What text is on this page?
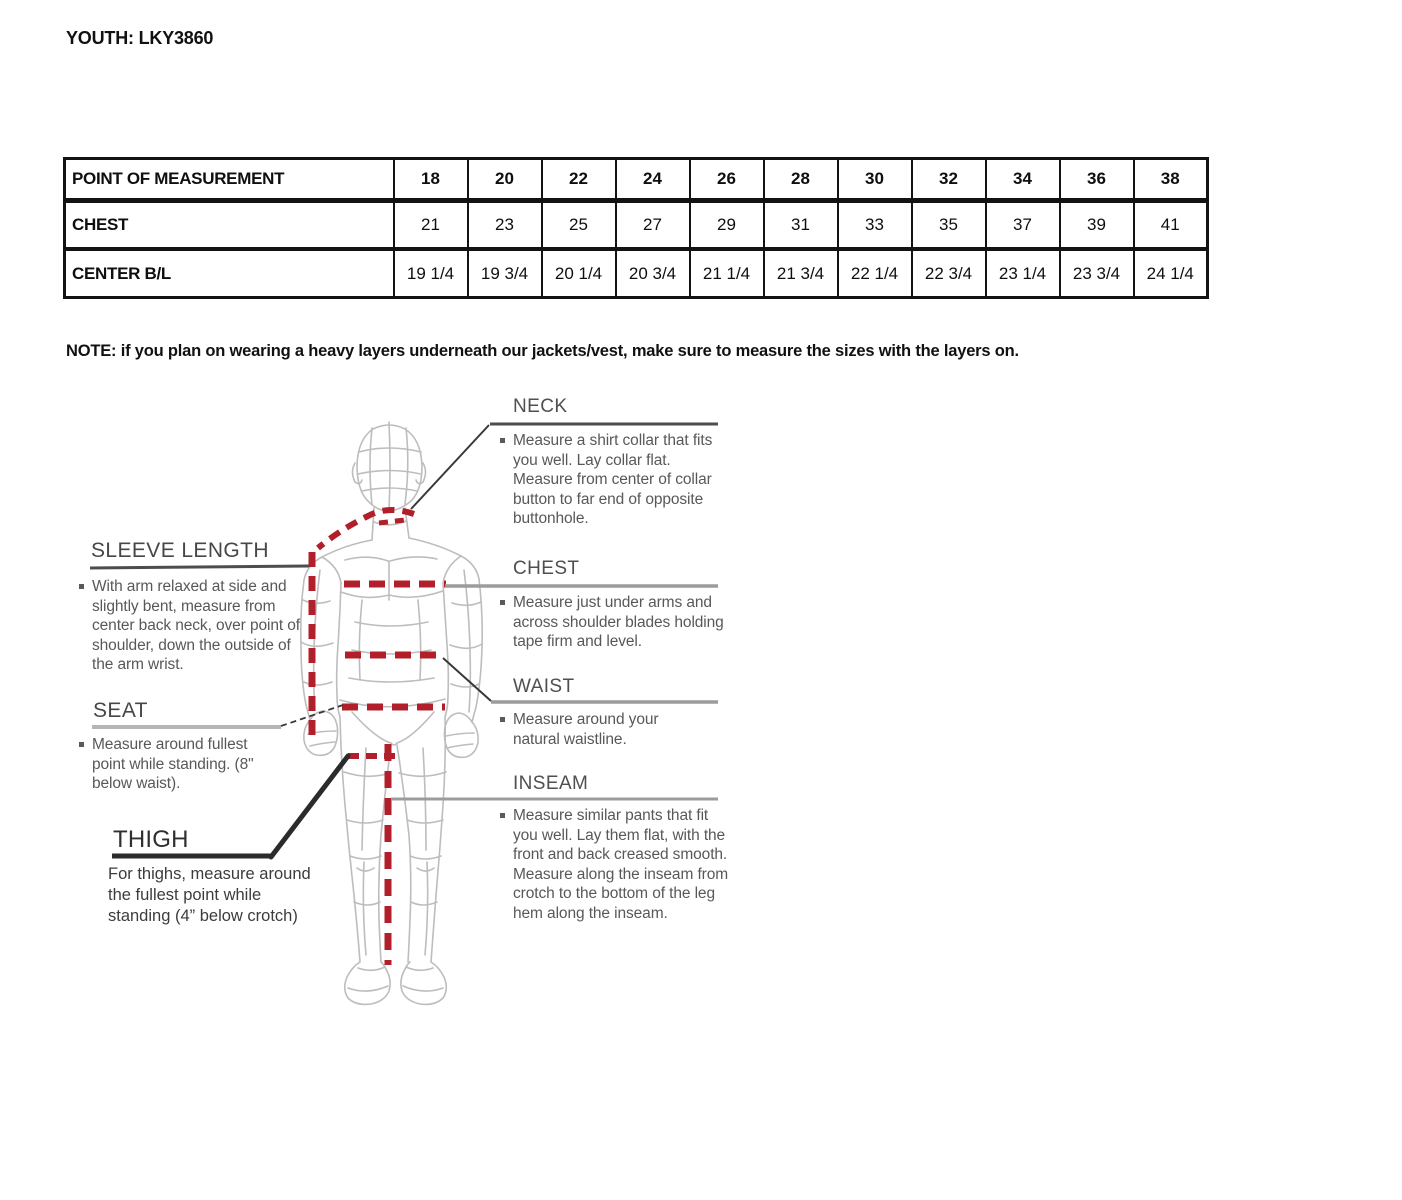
YOUTH: LKY3860
POINT OF MEASUREMENT	18	20	22	24	26	28	30	32	34	36	38
CHEST	21	23	25	27	29	31	33	35	37	39	41
CENTER B/L	19 1/4	19 3/4	20 1/4	20 3/4	21 1/4	21 3/4	22 1/4	22 3/4	23 1/4	23 3/4	24 1/4
NOTE: if you plan on wearing a heavy layers underneath our jackets/vest, make sure to measure the sizes with the layers on.
NECK
Measure a shirt collar that fits you well. Lay collar flat. Measure from center of collar button to far end of opposite buttonhole.
CHEST
Measure just under arms and across shoulder blades holding tape firm and level.
WAIST
Measure around your natural waistline.
INSEAM
Measure similar pants that fit you well. Lay them flat, with the front and back creased smooth. Measure along the inseam from crotch to the bottom of the leg hem along the inseam.
SLEEVE LENGTH
With arm relaxed at side and slightly bent, measure from center back neck, over point of shoulder, down the outside of the arm wrist.
SEAT
Measure around fullest point while standing. (8" below waist).
THIGH
For thighs, measure around the fullest point while standing (4” below crotch)
